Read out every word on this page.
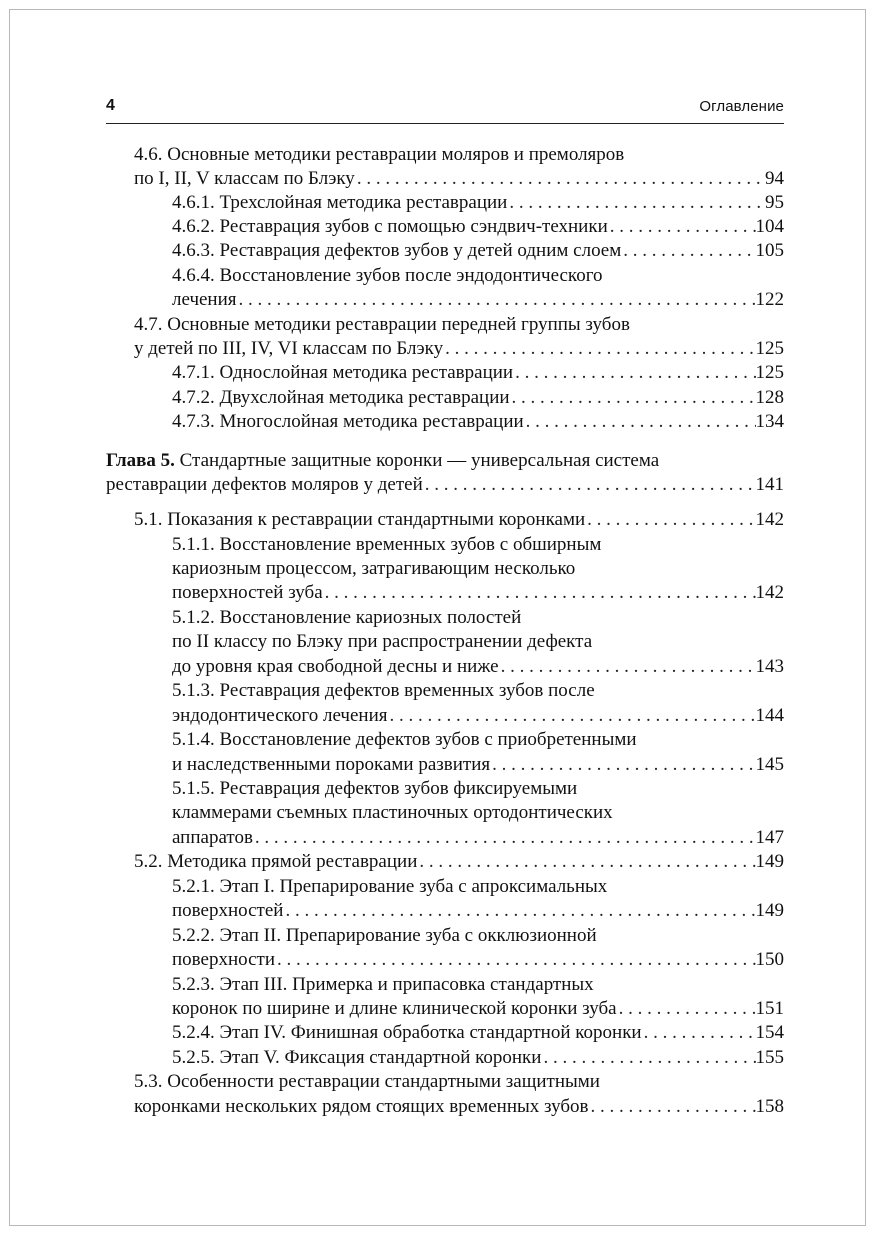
4	Оглавление
4.6. Основные методики реставрации моляров и премоляров
по I, II, V классам по Блэку . . .	94
4.6.1. Трехслойная методика реставрации . . .	95
4.6.2. Реставрация зубов с помощью сэндвич-техники . . .	104
4.6.3. Реставрация дефектов зубов у детей одним слоем . . .	105
4.6.4. Восстановление зубов после эндодонтического
лечения . . .	122
4.7. Основные методики реставрации передней группы зубов
у детей по III, IV, VI классам по Блэку . . .	125
4.7.1. Однослойная методика реставрации . . .	125
4.7.2. Двухслойная методика реставрации . . .	128
4.7.3. Многослойная методика реставрации . . .	134
Глава 5. Стандартные защитные коронки — универсальная система
реставрации дефектов моляров у детей . . .	141
5.1. Показания к реставрации стандартными коронками . . .	142
5.1.1. Восстановление временных зубов с обширным
кариозным процессом, затрагивающим несколько
поверхностей зуба . . .	142
5.1.2. Восстановление кариозных полостей
по II классу по Блэку при распространении дефекта
до уровня края свободной десны и ниже . . .	143
5.1.3. Реставрация дефектов временных зубов после
эндодонтического лечения . . .	144
5.1.4. Восстановление дефектов зубов с приобретенными
и наследственными пороками развития . . .	145
5.1.5. Реставрация дефектов зубов фиксируемыми
кламмерами съемных пластиночных ортодонтических
аппаратов . . .	147
5.2. Методика прямой реставрации . . .	149
5.2.1. Этап I. Препарирование зуба с апроксимальных
поверхностей . . .	149
5.2.2. Этап II. Препарирование зуба с окклюзионной
поверхности . . .	150
5.2.3. Этап III. Примерка и припасовка стандартных
коронок по ширине и длине клинической коронки зуба . . .	151
5.2.4. Этап IV. Финишная обработка стандартной коронки . . .	154
5.2.5. Этап V. Фиксация стандартной коронки . . .	155
5.3. Особенности реставрации стандартными защитными
коронками нескольких рядом стоящих временных зубов . . .	158
